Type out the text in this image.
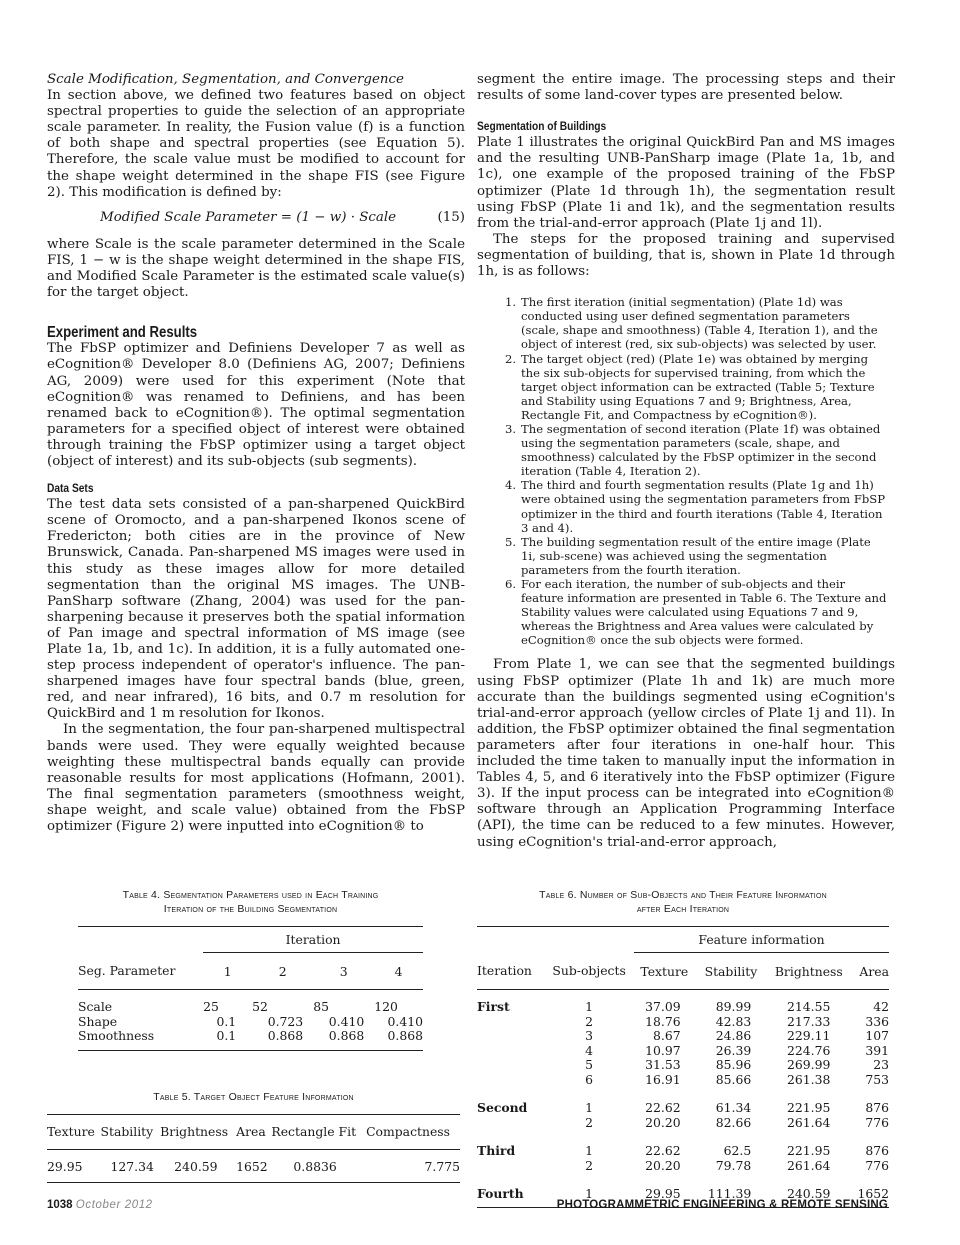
Scale Modification, Segmentation, and Convergence

In section above, we defined two features based on object spectral properties to guide the selection of an appropriate scale parameter. In reality, the Fusion value (f) is a function of both shape and spectral properties (see Equation 5). Therefore, the scale value must be modified to account for the shape weight determined in the shape FIS (see Figure 2). This modification is defined by:

Modified Scale Parameter = (1 − w) · Scale	(15)

where Scale is the scale parameter determined in the Scale FIS, 1 − w is the shape weight determined in the shape FIS, and Modified Scale Parameter is the estimated scale value(s) for the target object.

Experiment and Results

The FbSP optimizer and Definiens Developer 7 as well as eCognition® Developer 8.0 (Definiens AG, 2007; Definiens AG, 2009) were used for this experiment (Note that eCognition® was renamed to Definiens, and has been renamed back to eCognition®). The optimal segmentation parameters for a specified object of interest were obtained through training the FbSP optimizer using a target object (object of interest) and its sub-objects (sub segments).

Data Sets

The test data sets consisted of a pan-sharpened QuickBird scene of Oromocto, and a pan-sharpened Ikonos scene of Fredericton; both cities are in the province of New Brunswick, Canada. Pan-sharpened MS images were used in this study as these images allow for more detailed segmentation than the original MS images. The UNB-PanSharp software (Zhang, 2004) was used for the pan-sharpening because it preserves both the spatial information of Pan image and spectral information of MS image (see Plate 1a, 1b, and 1c). In addition, it is a fully automated one-step process independent of operator's influence. The pan-sharpened images have four spectral bands (blue, green, red, and near infrared), 16 bits, and 0.7 m resolution for QuickBird and 1 m resolution for Ikonos.

In the segmentation, the four pan-sharpened multispectral bands were used. They were equally weighted because weighting these multispectral bands equally can provide reasonable results for most applications (Hofmann, 2001). The final segmentation parameters (smoothness weight, shape weight, and scale value) obtained from the FbSP optimizer (Figure 2) were inputted into eCognition® to

segment the entire image. The processing steps and their results of some land-cover types are presented below.

Segmentation of Buildings

Plate 1 illustrates the original QuickBird Pan and MS images and the resulting UNB-PanSharp image (Plate 1a, 1b, and 1c), one example of the proposed training of the FbSP optimizer (Plate 1d through 1h), the segmentation result using FbSP (Plate 1i and 1k), and the segmentation results from the trial-and-error approach (Plate 1j and 1l).

The steps for the proposed training and supervised segmentation of building, that is, shown in Plate 1d through 1h, is as follows:

1. The first iteration (initial segmentation) (Plate 1d) was conducted using user defined segmentation parameters (scale, shape and smoothness) (Table 4, Iteration 1), and the object of interest (red, six sub-objects) was selected by user.
2. The target object (red) (Plate 1e) was obtained by merging the six sub-objects for supervised training, from which the target object information can be extracted (Table 5; Texture and Stability using Equations 7 and 9; Brightness, Area, Rectangle Fit, and Compactness by eCognition®).
3. The segmentation of second iteration (Plate 1f) was obtained using the segmentation parameters (scale, shape, and smoothness) calculated by the FbSP optimizer in the second iteration (Table 4, Iteration 2).
4. The third and fourth segmentation results (Plate 1g and 1h) were obtained using the segmentation parameters from FbSP optimizer in the third and fourth iterations (Table 4, Iteration 3 and 4).
5. The building segmentation result of the entire image (Plate 1i, sub-scene) was achieved using the segmentation parameters from the fourth iteration.
6. For each iteration, the number of sub-objects and their feature information are presented in Table 6. The Texture and Stability values were calculated using Equations 7 and 9, whereas the Brightness and Area values were calculated by eCognition® once the sub objects were formed.

From Plate 1, we can see that the segmented buildings using FbSP optimizer (Plate 1h and 1k) are much more accurate than the buildings segmented using eCognition's trial-and-error approach (yellow circles of Plate 1j and 1l). In addition, the FbSP optimizer obtained the final segmentation parameters after four iterations in one-half hour. This included the time taken to manually input the information in Tables 4, 5, and 6 iteratively into the FbSP optimizer (Figure 3). If the input process can be integrated into eCognition® software through an Application Programming Interface (API), the time can be reduced to a few minutes. However, using eCognition's trial-and-error approach,

Table 4. Segmentation Parameters used in Each Training
Iteration of the Building Segmentation
	Iteration			
Seg. Parameter	1	2	3	4
Scale	25	52	85	120
Shape	0.1	0.723	0.410	0.410
Smoothness	0.1	0.868	0.868	0.868
Table 5. Target Object Feature Information
Texture	Stability	Brightness	Area	Rectangle Fit	Compactness
29.95	127.34	240.59	1652	0.8836	7.775
Table 6. Number of Sub-Objects and Their Feature Information
after Each Iteration
		Feature information			
Iteration	Sub-objects	Texture	Stability	Brightness	Area
First	1	37.09	89.99	214.55	42
	2	18.76	42.83	217.33	336
	3	8.67	24.86	229.11	107
	4	10.97	26.39	224.76	391
	5	31.53	85.96	269.99	23
	6	16.91	85.66	261.38	753
Second	1	22.62	61.34	221.95	876
	2	20.20	82.66	261.64	776
Third	1	22.62	62.5	221.95	876
	2	20.20	79.78	261.64	776
Fourth	1	29.95	111.39	240.59	1652
1038 October 2012	PHOTOGRAMMETRIC ENGINEERING & REMOTE SENSING
